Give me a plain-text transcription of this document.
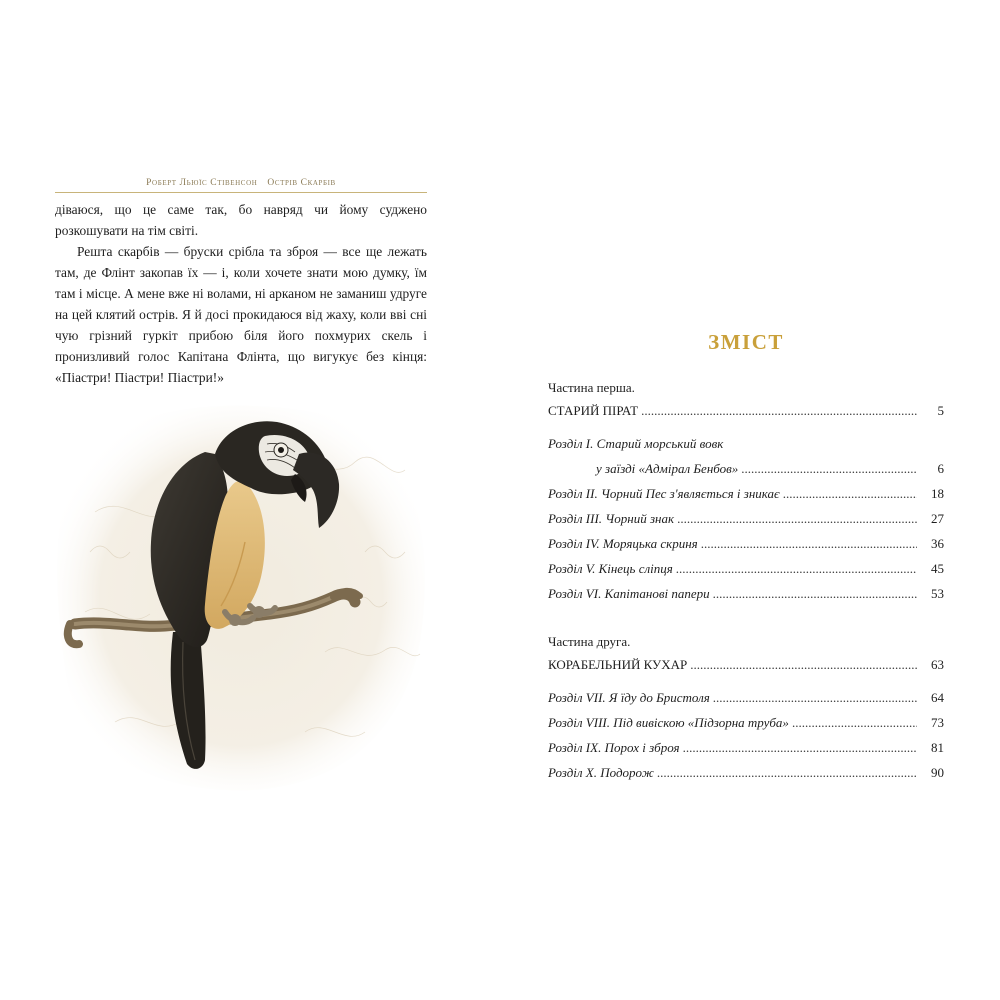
Роберт Льюїс Стівенсон Острів Скарбів

діваюся, що це саме так, бо навряд чи йому суджено розкошувати на тім світі.

Решта скарбів — бруски срібла та зброя — все ще лежать там, де Флінт закопав їх — і, коли хочете знати мою думку, їм там і місце. А мене вже ні волами, ні арканом не заманиш удруге на цей клятий острів. Я й досі прокидаюся від жаху, коли вві сні чую грізний гуркіт прибою біля його похмурих скель і пронизливий голос Капітана Флінта, що вигукує без кінця: «Піастри! Піастри! Піастри!»

ЗМІСТ
Частина перша.
СТАРИЙ ПІРАТ .....	5
Розділ I. Старий морський вовк
у заїзді «Адмірал Бенбов» .....	6
Розділ II. Чорний Пес з'являється і зникає .....	18
Розділ III. Чорний знак .....	27
Розділ IV. Моряцька скриня .....	36
Розділ V. Кінець сліпця .....	45
Розділ VI. Капітанові папери .....	53
Частина друга.
КОРАБЕЛЬНИЙ КУХАР .....	63
Розділ VII. Я їду до Бристоля .....	64
Розділ VIII. Під вивіскою «Підзорна труба» .....	73
Розділ IX. Порох і зброя .....	81
Розділ X. Подорож .....	90
